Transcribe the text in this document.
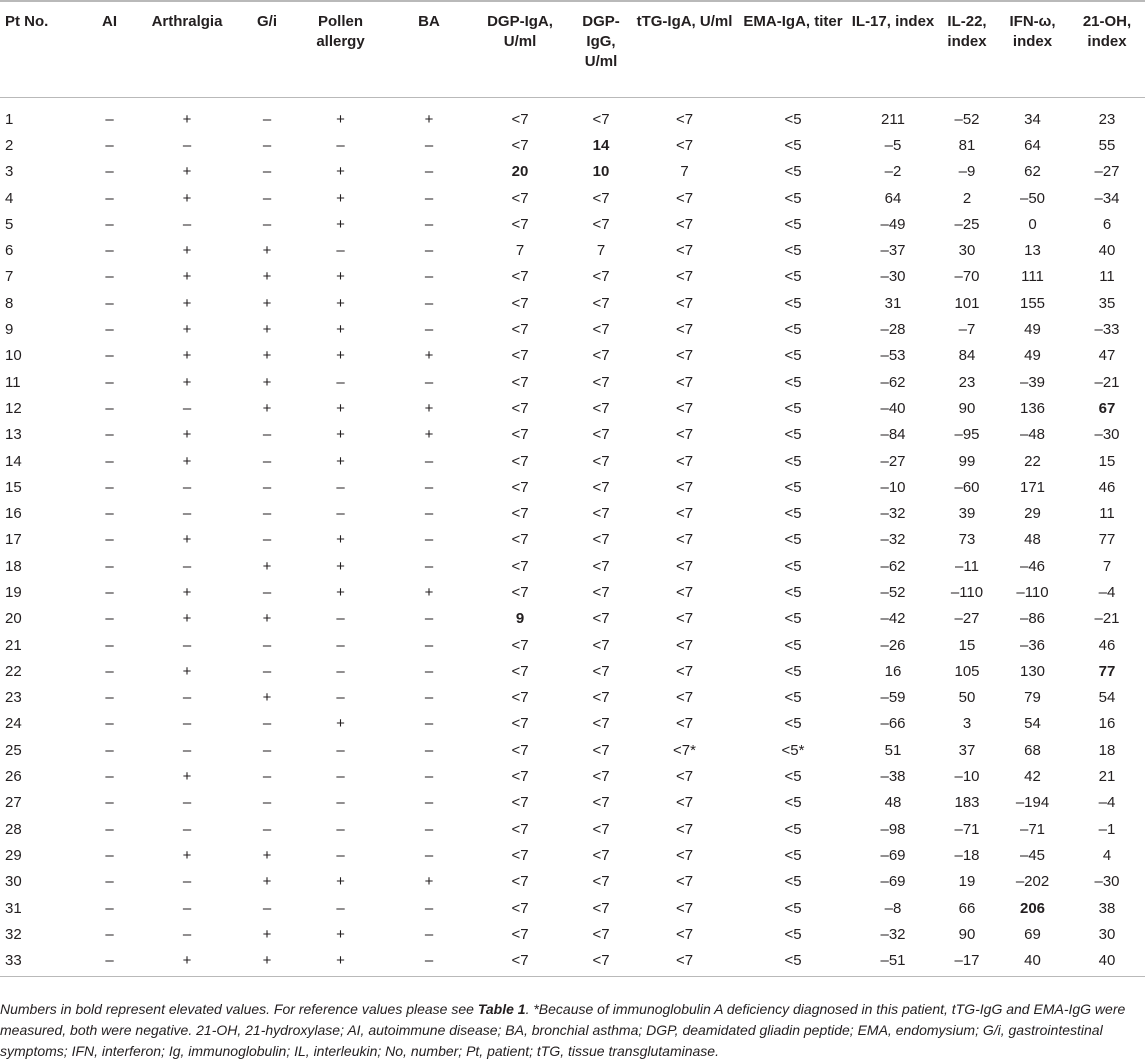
Pt No.	AI	Arthralgia	G/i	Pollen allergy	BA	DGP-IgA, U/ml	DGP-IgG, U/ml	tTG-IgA, U/ml	EMA-IgA, titer	IL-17, index	IL-22, index	IFN-ω, index	21-OH, index
1	–	+	–	+	+	<7	<7	<7	<5	211	–52	34	23
2	–	–	–	–	–	<7	14	<7	<5	–5	81	64	55
3	–	+	–	+	–	20	10	7	<5	–2	–9	62	–27
4	–	+	–	+	–	<7	<7	<7	<5	64	2	–50	–34
5	–	–	–	+	–	<7	<7	<7	<5	–49	–25	0	6
6	–	+	+	–	–	7	7	<7	<5	–37	30	13	40
7	–	+	+	+	–	<7	<7	<7	<5	–30	–70	111	11
8	–	+	+	+	–	<7	<7	<7	<5	31	101	155	35
9	–	+	+	+	–	<7	<7	<7	<5	–28	–7	49	–33
10	–	+	+	+	+	<7	<7	<7	<5	–53	84	49	47
11	–	+	+	–	–	<7	<7	<7	<5	–62	23	–39	–21
12	–	–	+	+	+	<7	<7	<7	<5	–40	90	136	67
13	–	+	–	+	+	<7	<7	<7	<5	–84	–95	–48	–30
14	–	+	–	+	–	<7	<7	<7	<5	–27	99	22	15
15	–	–	–	–	–	<7	<7	<7	<5	–10	–60	171	46
16	–	–	–	–	–	<7	<7	<7	<5	–32	39	29	11
17	–	+	–	+	–	<7	<7	<7	<5	–32	73	48	77
18	–	–	+	+	–	<7	<7	<7	<5	–62	–11	–46	7
19	–	+	–	+	+	<7	<7	<7	<5	–52	–110	–110	–4
20	–	+	+	–	–	9	<7	<7	<5	–42	–27	–86	–21
21	–	–	–	–	–	<7	<7	<7	<5	–26	15	–36	46
22	–	+	–	–	–	<7	<7	<7	<5	16	105	130	77
23	–	–	+	–	–	<7	<7	<7	<5	–59	50	79	54
24	–	–	–	+	–	<7	<7	<7	<5	–66	3	54	16
25	–	–	–	–	–	<7	<7	<7*	<5*	51	37	68	18
26	–	+	–	–	–	<7	<7	<7	<5	–38	–10	42	21
27	–	–	–	–	–	<7	<7	<7	<5	48	183	–194	–4
28	–	–	–	–	–	<7	<7	<7	<5	–98	–71	–71	–1
29	–	+	+	–	–	<7	<7	<7	<5	–69	–18	–45	4
30	–	–	+	+	+	<7	<7	<7	<5	–69	19	–202	–30
31	–	–	–	–	–	<7	<7	<7	<5	–8	66	206	38
32	–	–	+	+	–	<7	<7	<7	<5	–32	90	69	30
33	–	+	+	+	–	<7	<7	<7	<5	–51	–17	40	40

Numbers in bold represent elevated values. For reference values please see Table 1. *Because of immunoglobulin A deficiency diagnosed in this patient, tTG-IgG and EMA-IgG were measured, both were negative. 21-OH, 21-hydroxylase; AI, autoimmune disease; BA, bronchial asthma; DGP, deamidated gliadin peptide; EMA, endomysium; G/i, gastrointestinal symptoms; IFN, interferon; Ig, immunoglobulin; IL, interleukin; No, number; Pt, patient; tTG, tissue transglutaminase.
